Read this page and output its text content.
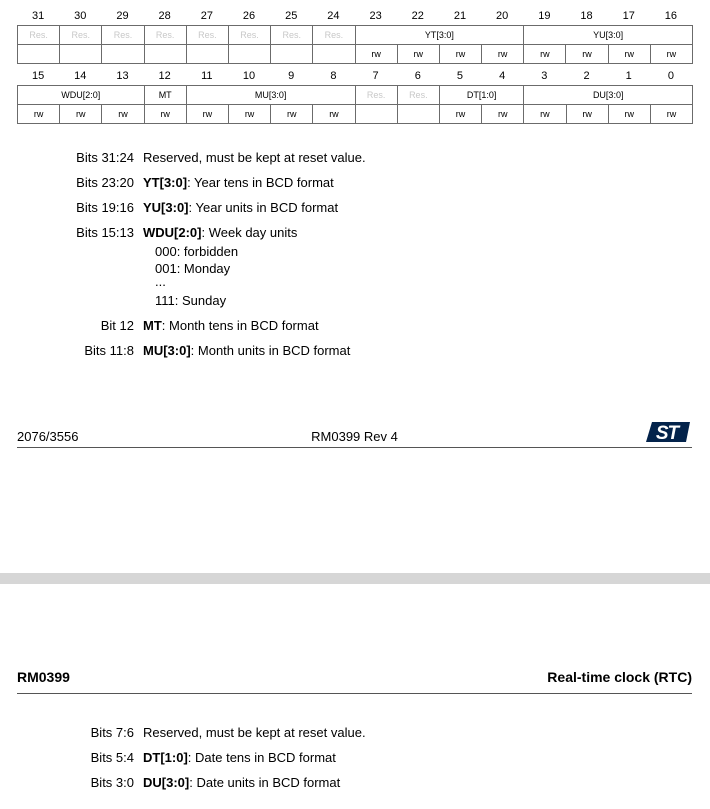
31	30	29	28	27	26	25	24	23	22	21	20	19	18	17	16
Res.	Res.	Res.	Res.	Res.	Res.	Res.	Res.	YT[3:0]				YU[3:0]			
								rw	rw	rw	rw	rw	rw	rw	rw
15	14	13	12	11	10	9	8	7	6	5	4	3	2	1	0
WDU[2:0]			MT	MU[3:0]				Res.	Res.	DT[1:0]		DU[3:0]			
rw	rw	rw	rw	rw	rw	rw	rw			rw	rw	rw	rw	rw	rw
Bits 31:24 Reserved, must be kept at reset value.
Bits 23:20 YT[3:0]: Year tens in BCD format
Bits 19:16 YU[3:0]: Year units in BCD format
Bits 15:13 WDU[2:0]: Week day units
Bit 12 MT: Month tens in BCD format
Bits 11:8 MU[3:0]: Month units in BCD format
000: forbidden
001: Monday
...
111: Sunday
2076/3556	RM0399 Rev 4	ST
RM0399	Real-time clock (RTC)
Bits 7:6 Reserved, must be kept at reset value.
Bits 5:4 DT[1:0]: Date tens in BCD format
Bits 3:0 DU[3:0]: Date units in BCD format
